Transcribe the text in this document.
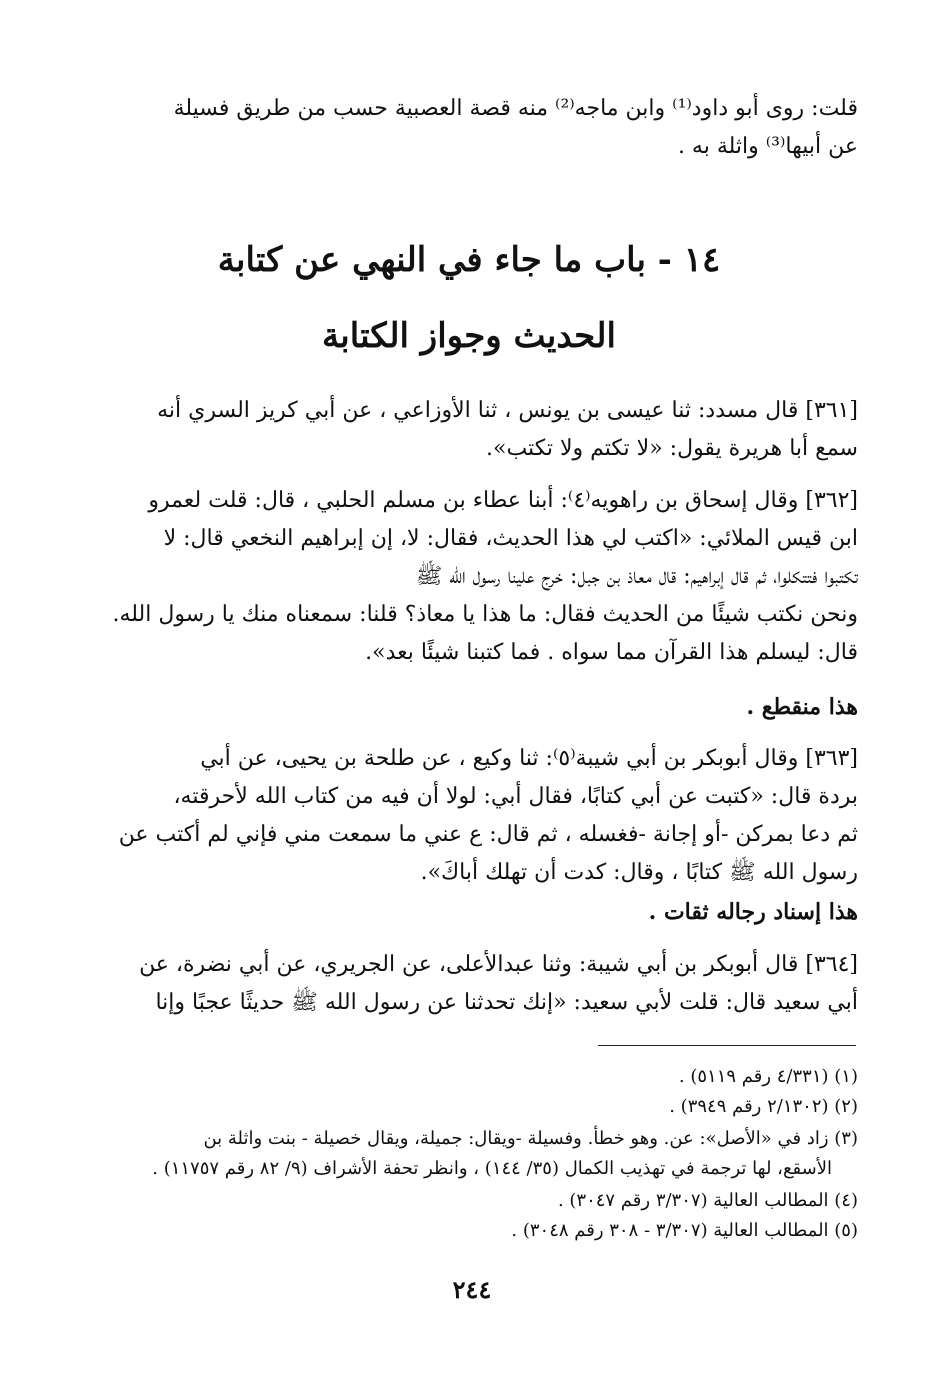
قلت: روى أبو داود⁽¹⁾ وابن ماجه⁽²⁾ منه قصة العصبية حسب من طريق فسيلة
عن أبيها⁽³⁾ واثلة به .
١٤ - باب ما جاء في النهي عن كتابة
الحديث وجواز الكتابة
[٣٦١] قال مسدد: ثنا عيسى بن يونس ، ثنا الأوزاعي ، عن أبي كريز السري أنه
سمع أبا هريرة يقول: «لا تكتم ولا تكتب».
[٣٦٢] وقال إسحاق بن راهويه⁽٤⁾: أبنا عطاء بن مسلم الحلبي ، قال: قلت لعمرو
ابن قيس الملائي: «اكتب لي هذا الحديث، فقال: لا، إن إبراهيم النخعي قال: لا
تكتبوا فتتكلوا، ثم قال إبراهيم: قال معاذ بن جبل: خرج علينا رسول الله ﷺ
ونحن نكتب شيئًا من الحديث فقال: ما هذا يا معاذ؟ قلنا: سمعناه منك يا رسول الله.
قال: ليسلم هذا القرآن مما سواه . فما كتبنا شيئًا بعد».
هذا منقطع .
[٣٦٣] وقال أبوبكر بن أبي شيبة⁽٥⁾: ثنا وكيع ، عن طلحة بن يحيى، عن أبي
بردة قال: «كتبت عن أبي كتابًا، فقال أبي: لولا أن فيه من كتاب الله لأحرقته،
ثم دعا بمركن -أو إجانة -فغسله ، ثم قال: ع عني ما سمعت مني فإني لم أكتب عن
رسول الله ﷺ كتابًا ، وقال: كدت أن تهلك أباكَ».
هذا إسناد رجاله ثقات .
[٣٦٤] قال أبوبكر بن أبي شيبة: وثنا عبدالأعلى، عن الجريري، عن أبي نضرة، عن
أبي سعيد قال: قلت لأبي سعيد: «إنك تحدثنا عن رسول الله ﷺ حديثًا عجبًا وإنا
(١) (٤/٣٣١ رقم ٥١١٩) .
(٢) (٢/١٣٠٢ رقم ٣٩٤٩) .
(٣) زاد في «الأصل»: عن. وهو خطأ. وفسيلة -ويقال: جميلة، ويقال خصيلة - بنت واثلة بن
الأسقع، لها ترجمة في تهذيب الكمال (٣٥/ ١٤٤) ، وانظر تحفة الأشراف (٩/ ٨٢ رقم ١١٧٥٧) .
(٤) المطالب العالية (٣/٣٠٧ رقم ٣٠٤٧) .
(٥) المطالب العالية (٣/٣٠٧ - ٣٠٨ رقم ٣٠٤٨) .
٢٤٤
